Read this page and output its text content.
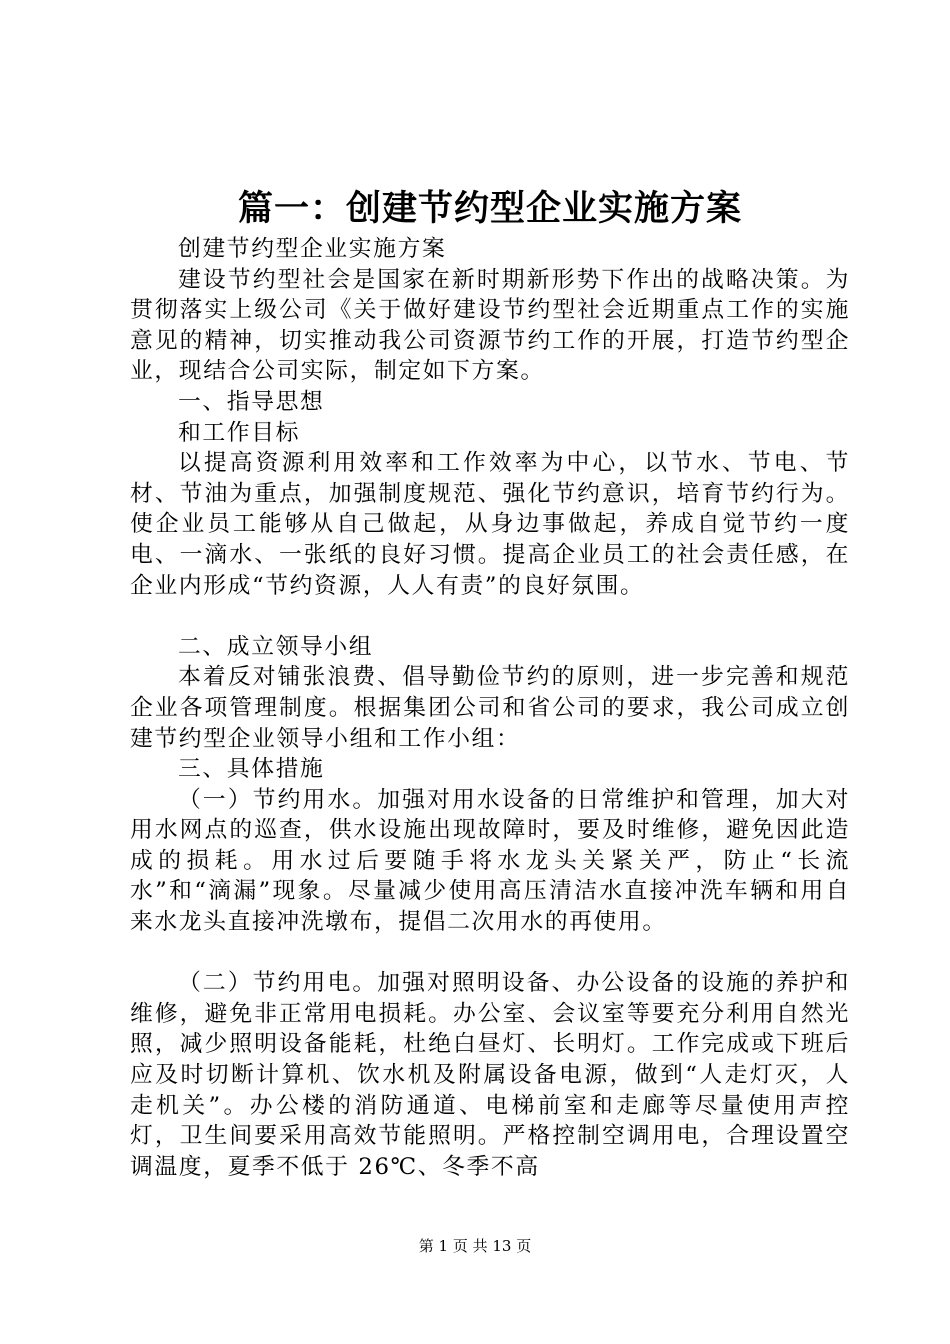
篇一：创建节约型企业实施方案

创建节约型企业实施方案

建设节约型社会是国家在新时期新形势下作出的战略决策。为贯彻落实上级公司《关于做好建设节约型社会近期重点工作的实施意见的精神，切实推动我公司资源节约工作的开展，打造节约型企业，现结合公司实际，制定如下方案。

一、指导思想

和工作目标

以提高资源利用效率和工作效率为中心，以节水、节电、节材、节油为重点，加强制度规范、强化节约意识，培育节约行为。使企业员工能够从自己做起，从身边事做起，养成自觉节约一度电、一滴水、一张纸的良好习惯。提高企业员工的社会责任感，在企业内形成“节约资源，人人有责”的良好氛围。

二、成立领导小组

本着反对铺张浪费、倡导勤俭节约的原则，进一步完善和规范企业各项管理制度。根据集团公司和省公司的要求，我公司成立创建节约型企业领导小组和工作小组：

三、具体措施

（一）节约用水。加强对用水设备的日常维护和管理，加大对用水网点的巡查，供水设施出现故障时，要及时维修，避免因此造成的损耗。用水过后要随手将水龙头关紧关严，防止“长流水”和“滴漏”现象。尽量减少使用高压清洁水直接冲洗车辆和用自来水龙头直接冲洗墩布，提倡二次用水的再使用。

（二）节约用电。加强对照明设备、办公设备的设施的养护和维修，避免非正常用电损耗。办公室、会议室等要充分利用自然光照，减少照明设备能耗，杜绝白昼灯、长明灯。工作完成或下班后应及时切断计算机、饮水机及附属设备电源，做到“人走灯灭，人走机关”。办公楼的消防通道、电梯前室和走廊等尽量使用声控灯，卫生间要采用高效节能照明。严格控制空调用电，合理设置空调温度，夏季不低于 26℃、冬季不高

第 1 页 共 13 页
